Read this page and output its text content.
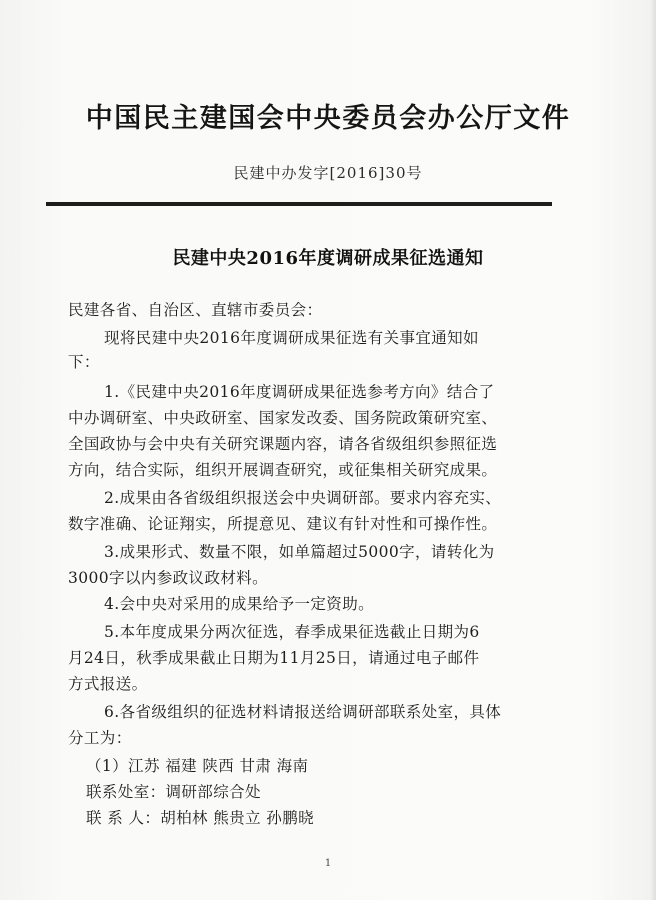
中国民主建国会中央委员会办公厅文件
民建中办发字[2016]30号
民建中央2016年度调研成果征选通知
民建各省、自治区、直辖市委员会：
现将民建中央2016年度调研成果征选有关事宜通知如
下：
1.《民建中央2016年度调研成果征选参考方向》结合了
中办调研室、中央政研室、国家发改委、国务院政策研究室、
全国政协与会中央有关研究课题内容，请各省级组织参照征选
方向，结合实际，组织开展调查研究，或征集相关研究成果。
2.成果由各省级组织报送会中央调研部。要求内容充实、
数字准确、论证翔实，所提意见、建议有针对性和可操作性。
3.成果形式、数量不限，如单篇超过5000字，请转化为
3000字以内参政议政材料。
4.会中央对采用的成果给予一定资助。
5.本年度成果分两次征选，春季成果征选截止日期为6
月24日，秋季成果截止日期为11月25日，请通过电子邮件
方式报送。
6.各省级组织的征选材料请报送给调研部联系处室，具体
分工为：
（1）江苏 福建 陕西 甘肃 海南
联系处室：调研部综合处
联 系 人：胡柏林 熊贵立 孙鹏晓
1
